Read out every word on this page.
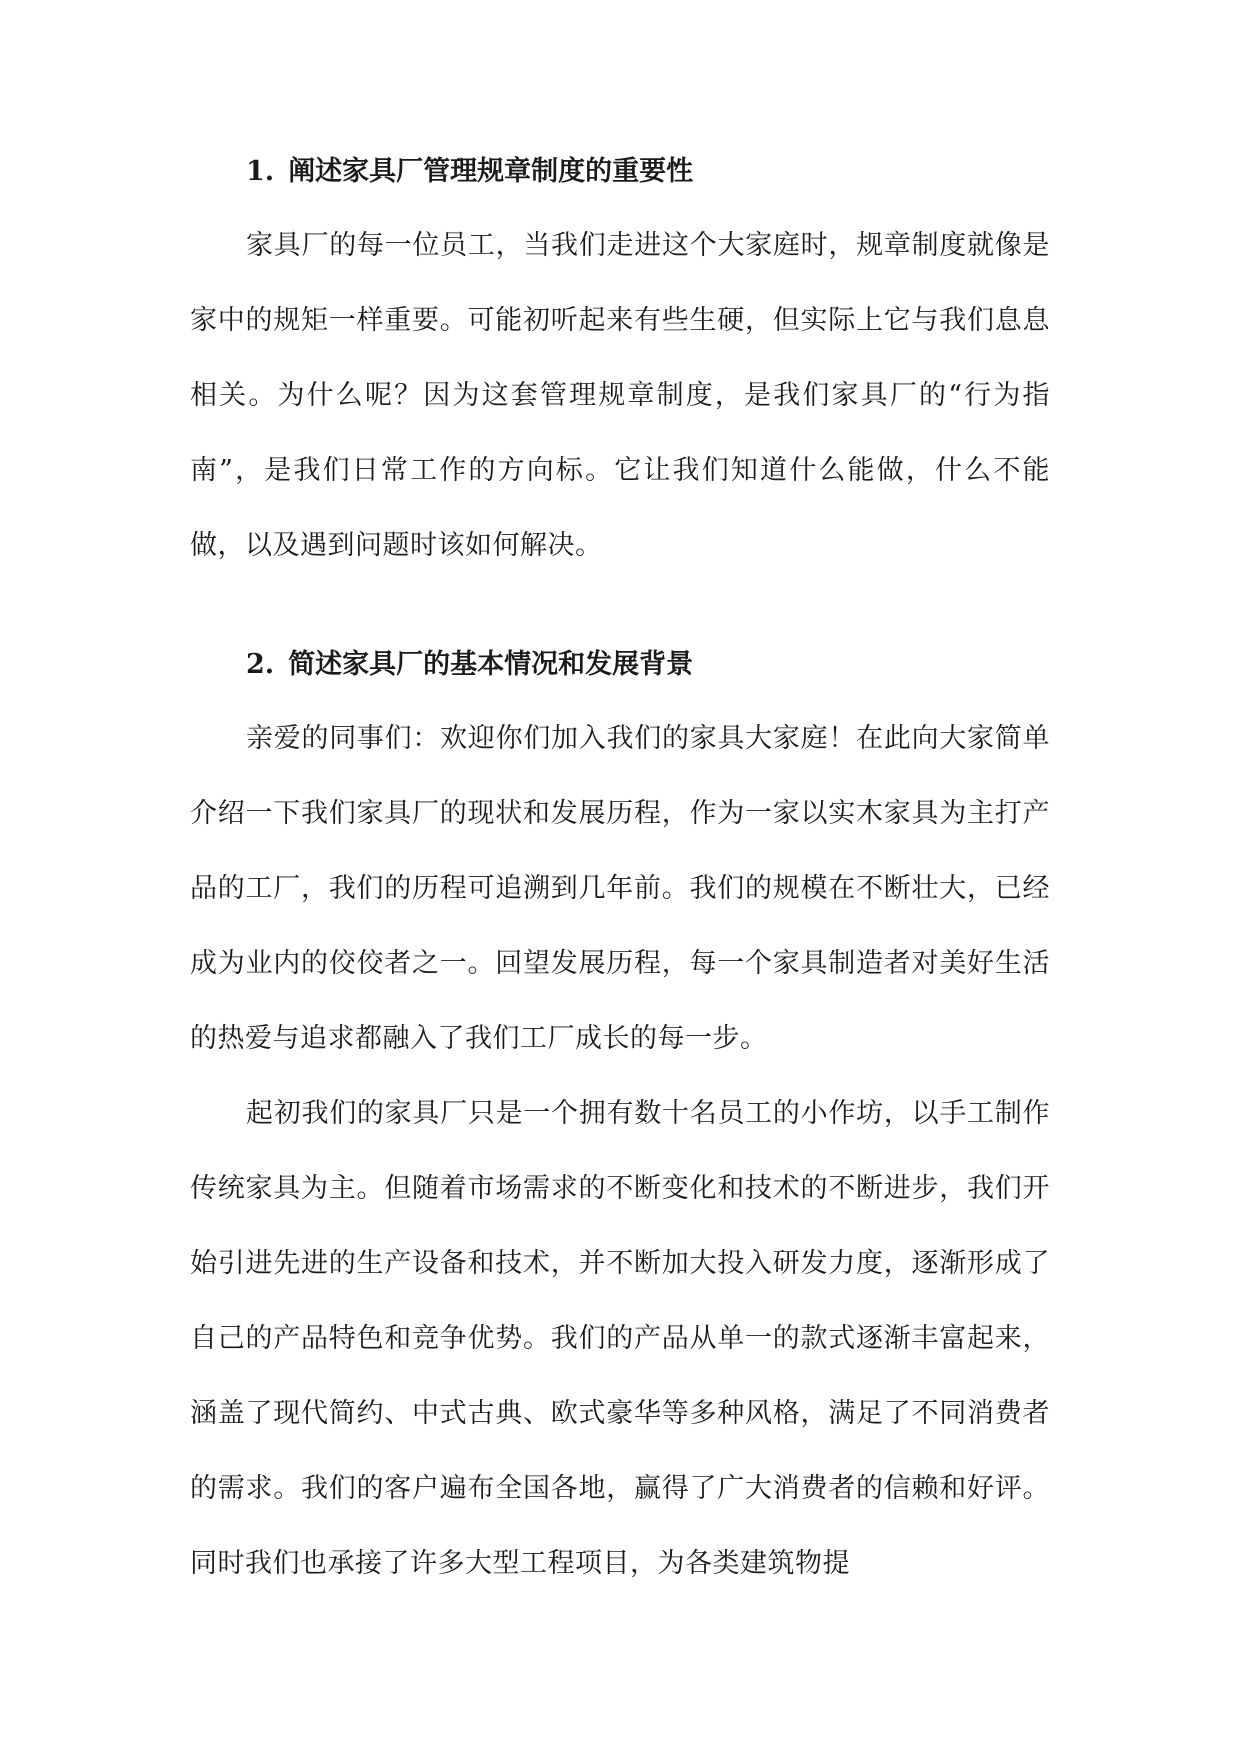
1. 阐述家具厂管理规章制度的重要性

家具厂的每一位员工，当我们走进这个大家庭时，规章制度就像是家中的规矩一样重要。可能初听起来有些生硬，但实际上它与我们息息相关。为什么呢？因为这套管理规章制度，是我们家具厂的“行为指南”，是我们日常工作的方向标。它让我们知道什么能做，什么不能做，以及遇到问题时该如何解决。

2. 简述家具厂的基本情况和发展背景

亲爱的同事们：欢迎你们加入我们的家具大家庭！在此向大家简单介绍一下我们家具厂的现状和发展历程，作为一家以实木家具为主打产品的工厂，我们的历程可追溯到几年前。我们的规模在不断壮大，已经成为业内的佼佼者之一。回望发展历程，每一个家具制造者对美好生活的热爱与追求都融入了我们工厂成长的每一步。

起初我们的家具厂只是一个拥有数十名员工的小作坊，以手工制作传统家具为主。但随着市场需求的不断变化和技术的不断进步，我们开始引进先进的生产设备和技术，并不断加大投入研发力度，逐渐形成了自己的产品特色和竞争优势。我们的产品从单一的款式逐渐丰富起来，涵盖了现代简约、中式古典、欧式豪华等多种风格，满足了不同消费者的需求。我们的客户遍布全国各地，赢得了广大消费者的信赖和好评。同时我们也承接了许多大型工程项目，为各类建筑物提
